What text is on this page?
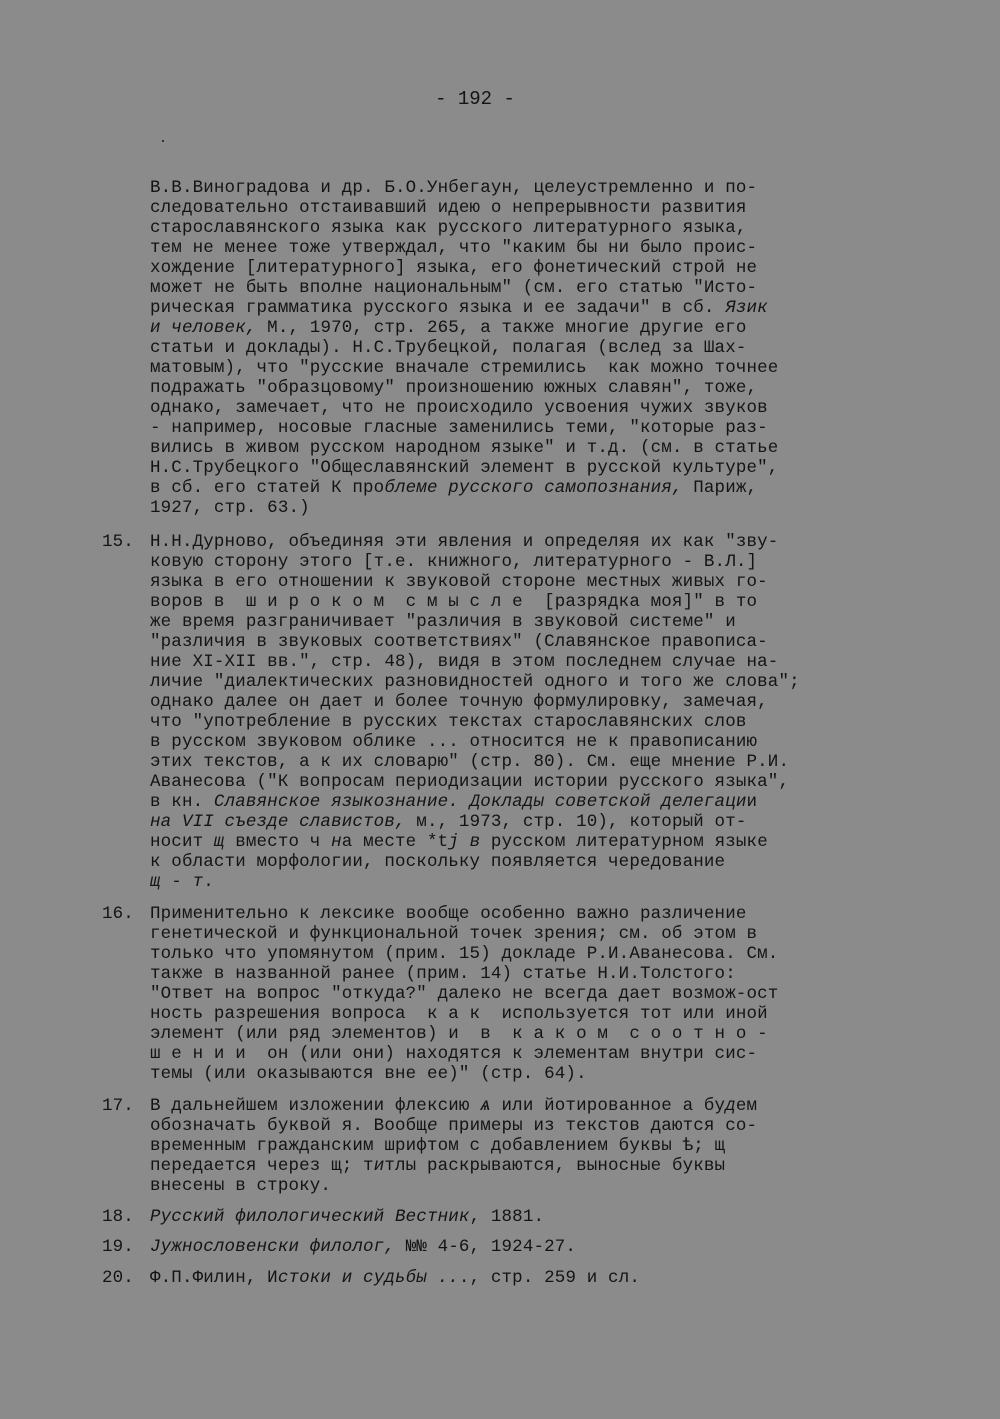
- 192 -
В.В.Виноградова и др. Б.О.Унбегаун, целеустремленно и по-
следовательно отстаивавший идею о непрерывности развития
старославянского языка как русского литературного языка,
тем не менее тоже утверждал, что "каким бы ни было проис-
хождение [литературного] языка, его фонетический строй не
может не быть вполне национальным" (см. его статью "Исто-
рическая грамматика русского языка и ее задачи" в сб. Язик
и человек, М., 1970, стр. 265, а также многие другие его
статьи и доклады). Н.С.Трубецкой, полагая (вслед за Шах-
матовым), что "русские вначале стремились  как можно точнее
подражать "образцовому" произношению южных славян", тоже,
однако, замечает, что не происходило усвоения чужих звуков
- например, носовые гласные заменились теми, "которые раз-
вились в живом русском народном языке" и т.д. (см. в статье
Н.С.Трубецкого "Общеславянский элемент в русской культуре",
в сб. его статей К проблеме русского самопознания, Париж,
1927, стр. 63.)
15. Н.Н.Дурново, объединяя эти явления и определяя их как "зву-
ковую сторону этого [т.е. книжного, литературного - В.Л.]
языка в его отношении к звуковой стороне местных живых го-
воров в  ш и р о к о м  с м ы с л е  [разрядка моя]" в то
же время разграничивает "различия в звуковой системе" и
"различия в звуковых соответствиях" (Славянское правописа-
ние XI-XII вв.", стр. 48), видя в этом последнем случае на-
личие "диалектических разновидностей одного и того же слова";
однако далее он дает и более точную формулировку, замечая,
что "употребление в русских текстах старославянских слов
в русском звуковом облике ... относится не к правописанию
этих текстов, а к их словарю" (стр. 80). См. еще мнение Р.И.
Аванесова ("К вопросам периодизации истории русского языка",
в кн. Славянское языкознание. Доклады советской делегации
на VII съезде славистов, м., 1973, стр. 10), который от-
носит щ вместо ч на месте *tj в русском литературном языке
к области морфологии, поскольку появляется чередование
щ - т.
16. Применительно к лексике вообще особенно важно различение
генетической и функциональной точек зрения; см. об этом в
только что упомянутом (прим. 15) докладе Р.И.Аванесова. См.
также в названной ранее (прим. 14) статье Н.И.Толстого:
"Ответ на вопрос "откуда?" далеко не всегда дает возмож-ост
ность разрешения вопроса  к а к  используется тот или иной
элемент (или ряд элементов) и  в  к а к о м  с о о т н о -
ш е н и и  он (или они) находятся к элементам внутри сис-
темы (или оказываются вне ее)" (стр. 64).
17. В дальнейшем изложении флексию ѧ или йотированное а будем
обозначать буквой я. Вообще примеры из текстов даются со-
временным гражданским шрифтом с добавлением буквы ѣ; щ
передается через щ; титлы раскрываются, выносные буквы
внесены в строку.
18. Русский филологический Вестник, 1881.
19. Јужнословенски филолог, №№ 4-6, 1924-27.
20. Ф.П.Филин, Истоки и судьбы ..., стр. 259 и сл.
